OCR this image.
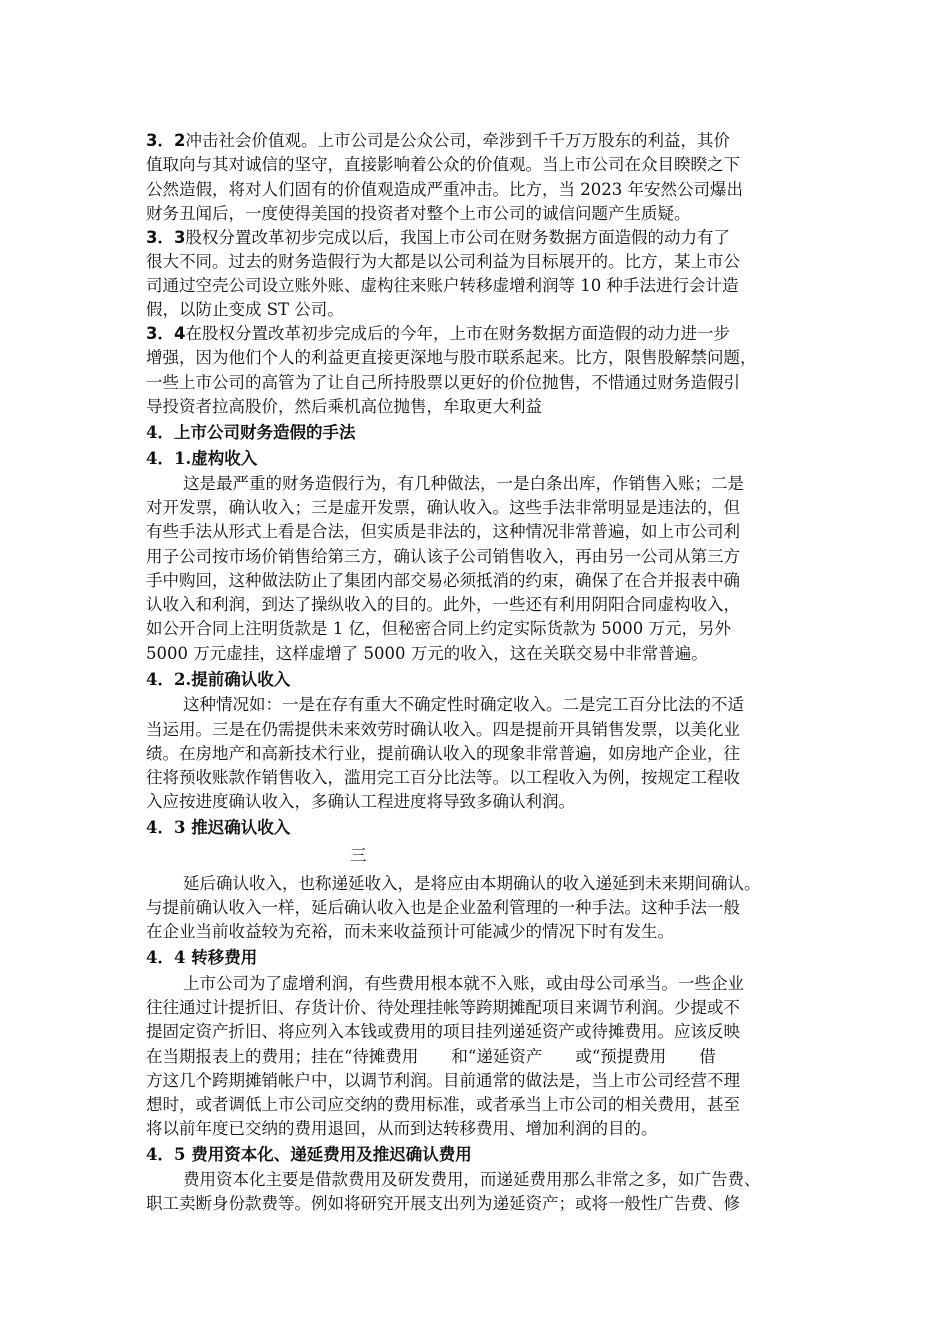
3．2冲击社会价值观。上市公司是公众公司，牵涉到千千万万股东的利益，其价
值取向与其对诚信的坚守，直接影响着公众的价值观。当上市公司在众目睽睽之下
公然造假，将对人们固有的价值观造成严重冲击。比方，当 2023 年安然公司爆出
财务丑闻后，一度使得美国的投资者对整个上市公司的诚信问题产生质疑。
3．3股权分置改革初步完成以后，我国上市公司在财务数据方面造假的动力有了
很大不同。过去的财务造假行为大都是以公司利益为目标展开的。比方，某上市公
司通过空壳公司设立账外账、虚构往来账户转移虚增利润等 10 种手法进行会计造
假，以防止变成 ST 公司。
3．4在股权分置改革初步完成后的今年，上市在财务数据方面造假的动力进一步
增强，因为他们个人的利益更直接更深地与股市联系起来。比方，限售股解禁问题，
一些上市公司的高管为了让自己所持股票以更好的价位抛售，不惜通过财务造假引
导投资者拉高股价，然后乘机高位抛售，牟取更大利益
4．上市公司财务造假的手法
4．1.虚构收入
这是最严重的财务造假行为，有几种做法，一是白条出库，作销售入账；二是
对开发票，确认收入；三是虚开发票，确认收入。这些手法非常明显是违法的，但
有些手法从形式上看是合法，但实质是非法的，这种情况非常普遍，如上市公司利
用子公司按市场价销售给第三方，确认该子公司销售收入，再由另一公司从第三方
手中购回，这种做法防止了集团内部交易必须抵消的约束，确保了在合并报表中确
认收入和利润，到达了操纵收入的目的。此外，一些还有利用阴阳合同虚构收入，
如公开合同上注明货款是 1 亿，但秘密合同上约定实际货款为 5000 万元，另外
5000 万元虚挂，这样虚增了 5000 万元的收入，这在关联交易中非常普遍。
4．2.提前确认收入
这种情况如：一是在存有重大不确定性时确定收入。二是完工百分比法的不适
当运用。三是在仍需提供未来效劳时确认收入。四是提前开具销售发票，以美化业
绩。在房地产和高新技术行业，提前确认收入的现象非常普遍，如房地产企业，往
往将预收账款作销售收入，滥用完工百分比法等。以工程收入为例，按规定工程收
入应按进度确认收入，多确认工程进度将导致多确认利润。
4．3 推迟确认收入
三
延后确认收入，也称递延收入，是将应由本期确认的收入递延到未来期间确认。
与提前确认收入一样，延后确认收入也是企业盈利管理的一种手法。这种手法一般
在企业当前收益较为充裕，而未来收益预计可能减少的情况下时有发生。
4．4 转移费用
上市公司为了虚增利润，有些费用根本就不入账，或由母公司承当。一些企业
往往通过计提折旧、存货计价、待处理挂帐等跨期摊配项目来调节利润。少提或不
提固定资产折旧、将应列入本钱或费用的项目挂列递延资产或待摊费用。应该反映
在当期报表上的费用；挂在“待摊费用　　和“递延资产　　或“预提费用　　借
方这几个跨期摊销帐户中，以调节利润。目前通常的做法是，当上市公司经营不理
想时，或者调低上市公司应交纳的费用标准，或者承当上市公司的相关费用，甚至
将以前年度已交纳的费用退回，从而到达转移费用、增加利润的目的。
4．5 费用资本化、递延费用及推迟确认费用
费用资本化主要是借款费用及研发费用，而递延费用那么非常之多，如广告费、
职工卖断身份款费等。例如将研究开展支出列为递延资产；或将一般性广告费、修
